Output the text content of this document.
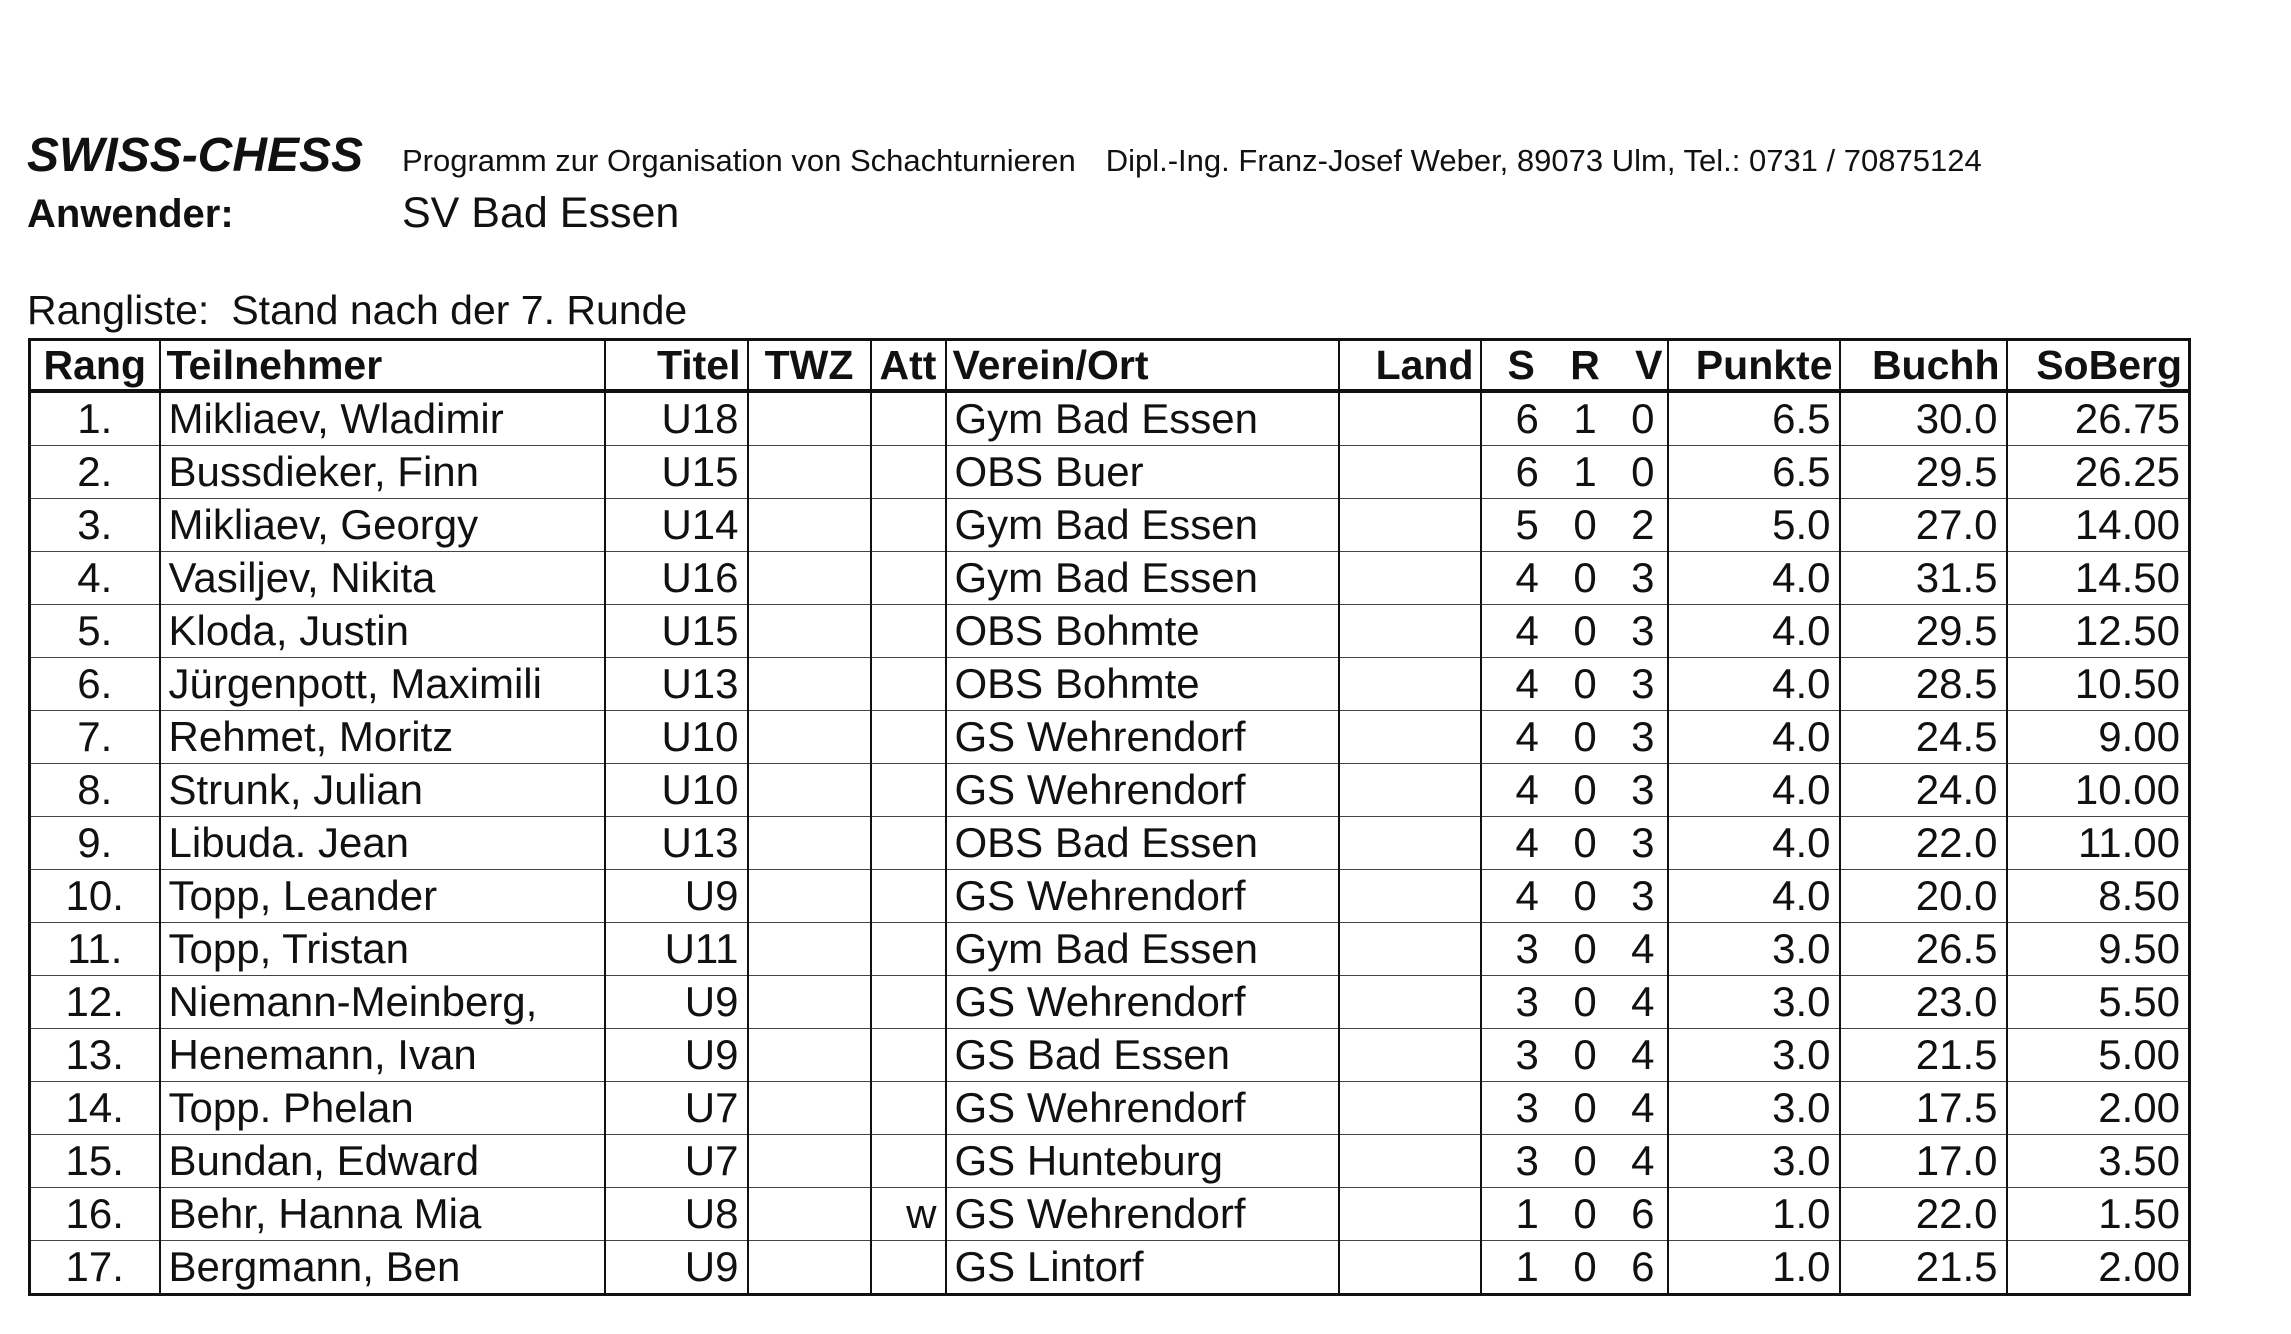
SWISS-CHESS	Programm zur Organisation von Schachturnieren Dipl.-Ing. Franz-Josef Weber, 89073 Ulm, Tel.: 0731 / 70875124
Anwender:	SV Bad Essen
Rangliste: Stand nach der 7. Runde
Rang	Teilnehmer	Titel	TWZ	Att	Verein/Ort	Land	S R V	Punkte	Buchh	SoBerg
1.	Mikliaev, Wladimir	U18			Gym Bad Essen		6 1 0	6.5	30.0	26.75
2.	Bussdieker, Finn	U15			OBS Buer		6 1 0	6.5	29.5	26.25
3.	Mikliaev, Georgy	U14			Gym Bad Essen		5 0 2	5.0	27.0	14.00
4.	Vasiljev, Nikita	U16			Gym Bad Essen		4 0 3	4.0	31.5	14.50
5.	Kloda, Justin	U15			OBS Bohmte		4 0 3	4.0	29.5	12.50
6.	Jürgenpott, Maximili	U13			OBS Bohmte		4 0 3	4.0	28.5	10.50
7.	Rehmet, Moritz	U10			GS Wehrendorf		4 0 3	4.0	24.5	9.00
8.	Strunk, Julian	U10			GS Wehrendorf		4 0 3	4.0	24.0	10.00
9.	Libuda. Jean	U13			OBS Bad Essen		4 0 3	4.0	22.0	11.00
10.	Topp, Leander	U9			GS Wehrendorf		4 0 3	4.0	20.0	8.50
11.	Topp, Tristan	U11			Gym Bad Essen		3 0 4	3.0	26.5	9.50
12.	Niemann-Meinberg,	U9			GS Wehrendorf		3 0 4	3.0	23.0	5.50
13.	Henemann, Ivan	U9			GS Bad Essen		3 0 4	3.0	21.5	5.00
14.	Topp. Phelan	U7			GS Wehrendorf		3 0 4	3.0	17.5	2.00
15.	Bundan, Edward	U7			GS Hunteburg		3 0 4	3.0	17.0	3.50
16.	Behr, Hanna Mia	U8		w	GS Wehrendorf		1 0 6	1.0	22.0	1.50
17.	Bergmann, Ben	U9			GS Lintorf		1 0 6	1.0	21.5	2.00
